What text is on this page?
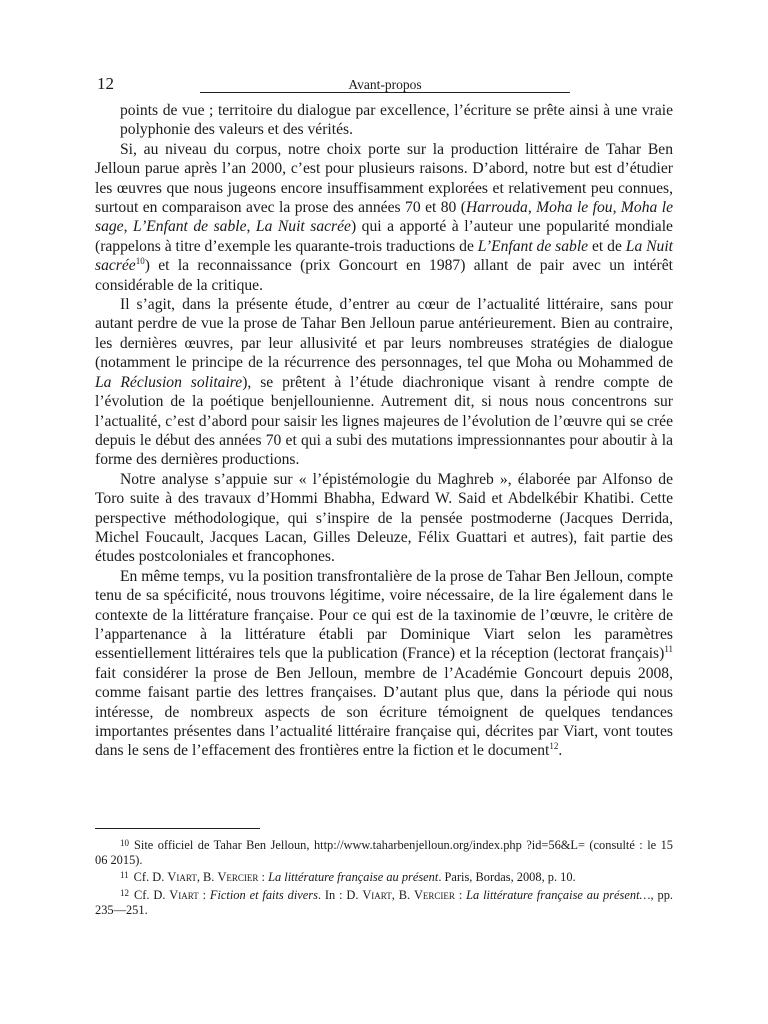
12	Avant-propos

points de vue ; territoire du dialogue par excellence, l’écriture se prête ainsi à une vraie polyphonie des valeurs et des vérités.

Si, au niveau du corpus, notre choix porte sur la production littéraire de Tahar Ben Jelloun parue après l’an 2000, c’est pour plusieurs raisons. D’abord, notre but est d’étudier les œuvres que nous jugeons encore insuffisamment explorées et relativement peu connues, surtout en comparaison avec la prose des années 70 et 80 (Harrouda, Moha le fou, Moha le sage, L’Enfant de sable, La Nuit sacrée) qui a apporté à l’auteur une popularité mondiale (rappelons à titre d’exemple les quarante-trois traductions de L’Enfant de sable et de La Nuit sacrée$^{10}$) et la reconnaissance (prix Goncourt en 1987) allant de pair avec un intérêt considérable de la critique.

Il s’agit, dans la présente étude, d’entrer au cœur de l’actualité littéraire, sans pour autant perdre de vue la prose de Tahar Ben Jelloun parue antérieurement. Bien au contraire, les dernières œuvres, par leur allusivité et par leurs nombreuses stratégies de dialogue (notamment le principe de la récurrence des personnages, tel que Moha ou Mohammed de La Réclusion solitaire), se prêtent à l’étude diachronique visant à rendre compte de l’évolution de la poétique benjellounienne. Autrement dit, si nous nous concentrons sur l’actualité, c’est d’abord pour saisir les lignes majeures de l’évolution de l’œuvre qui se crée depuis le début des années 70 et qui a subi des mutations impressionnantes pour aboutir à la forme des dernières productions.

Notre analyse s’appuie sur « l’épistémologie du Maghreb », élaborée par Alfonso de Toro suite à des travaux d’Hommi Bhabha, Edward W. Said et Abdelkébir Khatibi. Cette perspective méthodologique, qui s’inspire de la pensée postmoderne (Jacques Derrida, Michel Foucault, Jacques Lacan, Gilles Deleuze, Félix Guattari et autres), fait partie des études postcoloniales et francophones.

En même temps, vu la position transfrontalière de la prose de Tahar Ben Jelloun, compte tenu de sa spécificité, nous trouvons légitime, voire nécessaire, de la lire également dans le contexte de la littérature française. Pour ce qui est de la taxinomie de l’œuvre, le critère de l’appartenance à la littérature établi par Dominique Viart selon les paramètres essentiellement littéraires tels que la publication (France) et la réception (lectorat français)$^{11}$ fait considérer la prose de Ben Jelloun, membre de l’Académie Goncourt depuis 2008, comme faisant partie des lettres françaises. D’autant plus que, dans la période qui nous intéresse, de nombreux aspects de son écriture témoignent de quelques tendances importantes présentes dans l’actualité littéraire française qui, décrites par Viart, vont toutes dans le sens de l’effacement des frontières entre la fiction et le document$^{12}$.

$^{10}$ Site officiel de Tahar Ben Jelloun, http://www.taharbenjelloun.org/index.php ?id=56&L= (consulté : le 15 06 2015).

$^{11}$ Cf. D. Viart, B. Vercier : La littérature française au présent. Paris, Bordas, 2008, p. 10.

$^{12}$ Cf. D. Viart : Fiction et faits divers. In : D. Viart, B. Vercier : La littérature française au présent…, pp. 235—251.
